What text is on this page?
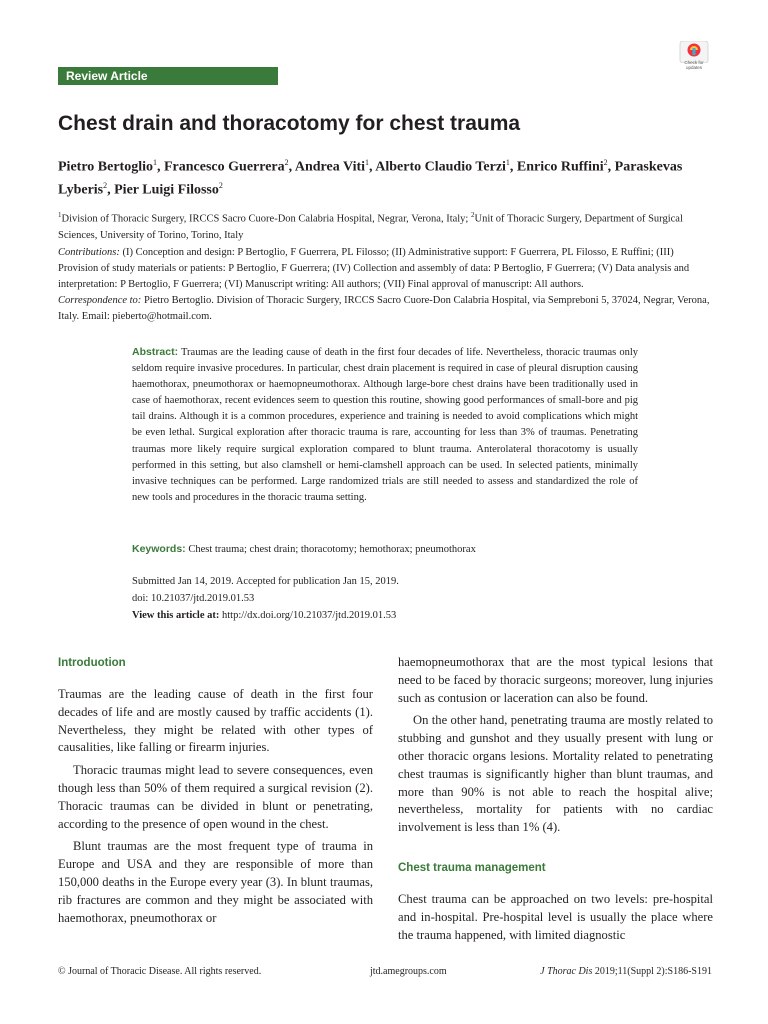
Review Article
Check for updates
Chest drain and thoracotomy for chest trauma
Pietro Bertoglio$^1$, Francesco Guerrera$^2$, Andrea Viti$^1$, Alberto Claudio Terzi$^1$, Enrico Ruffini$^2$, Paraskevas Lyberis$^2$, Pier Luigi Filosso$^2$

$^1$Division of Thoracic Surgery, IRCCS Sacro Cuore-Don Calabria Hospital, Negrar, Verona, Italy; $^2$Unit of Thoracic Surgery, Department of Surgical Sciences, University of Torino, Torino, Italy

Contributions: (I) Conception and design: P Bertoglio, F Guerrera, PL Filosso; (II) Administrative support: F Guerrera, PL Filosso, E Ruffini; (III) Provision of study materials or patients: P Bertoglio, F Guerrera; (IV) Collection and assembly of data: P Bertoglio, F Guerrera; (V) Data analysis and interpretation: P Bertoglio, F Guerrera; (VI) Manuscript writing: All authors; (VII) Final approval of manuscript: All authors.

Correspondence to: Pietro Bertoglio. Division of Thoracic Surgery, IRCCS Sacro Cuore-Don Calabria Hospital, via Sempreboni 5, 37024, Negrar, Verona, Italy. Email: pieberto@hotmail.com.

Abstract: Traumas are the leading cause of death in the first four decades of life. Nevertheless, thoracic traumas only seldom require invasive procedures. In particular, chest drain placement is required in case of pleural disruption causing haemothorax, pneumothorax or haemopneumothorax. Although large-bore chest drains have been traditionally used in case of haemothorax, recent evidences seem to question this routine, showing good performances of small-bore and pig tail drains. Although it is a common procedures, experience and training is needed to avoid complications which might be even lethal. Surgical exploration after thoracic trauma is rare, accounting for less than 3% of traumas. Penetrating traumas more likely require surgical exploration compared to blunt trauma. Anterolateral thoracotomy is usually performed in this setting, but also clamshell or hemi-clamshell approach can be used. In selected patients, minimally invasive techniques can be performed. Large randomized trials are still needed to assess and standardized the role of new tools and procedures in the thoracic trauma setting.
Keywords: Chest trauma; chest drain; thoracotomy; hemothorax; pneumothorax

Submitted Jan 14, 2019. Accepted for publication Jan 15, 2019.

doi: 10.21037/jtd.2019.01.53

View this article at: http://dx.doi.org/10.21037/jtd.2019.01.53

Introduotion

Traumas are the leading cause of death in the first four decades of life and are mostly caused by traffic accidents (1). Nevertheless, they might be related with other types of causalities, like falling or firearm injuries.

Thoracic traumas might lead to severe consequences, even though less than 50% of them required a surgical revision (2). Thoracic traumas can be divided in blunt or penetrating, according to the presence of open wound in the chest.

Blunt traumas are the most frequent type of trauma in Europe and USA and they are responsible of more than 150,000 deaths in the Europe every year (3). In blunt traumas, rib fractures are common and they might be associated with haemothorax, pneumothorax or

haemopneumothorax that are the most typical lesions that need to be faced by thoracic surgeons; moreover, lung injuries such as contusion or laceration can also be found.

On the other hand, penetrating trauma are mostly related to stubbing and gunshot and they usually present with lung or other thoracic organs lesions. Mortality related to penetrating chest traumas is significantly higher than blunt traumas, and more than 90% is not able to reach the hospital alive; nevertheless, mortality for patients with no cardiac involvement is less than 1% (4).

Chest trauma management

Chest trauma can be approached on two levels: pre-hospital and in-hospital. Pre-hospital level is usually the place where the trauma happened, with limited diagnostic

© Journal of Thoracic Disease. All rights reserved.	jtd.amegroups.com	J Thorac Dis 2019;11(Suppl 2):S186-S191
